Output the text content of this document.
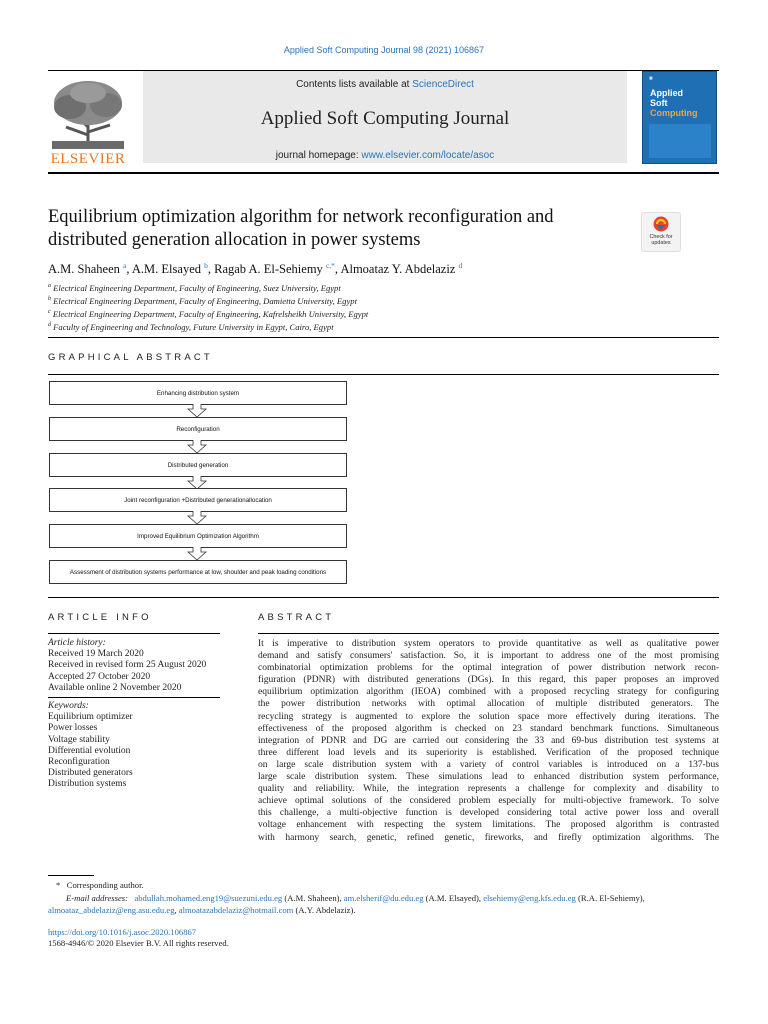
Applied Soft Computing Journal 98 (2021) 106867
ELSEVIER
Contents lists available at ScienceDirect
Applied Soft Computing Journal
journal homepage: www.elsevier.com/locate/asoc
■
Applied
Soft
Computing
Equilibrium optimization algorithm for network reconfiguration and
distributed generation allocation in power systems	Check for
updates
A.M. Shaheen $^a$, A.M. Elsayed $^b$, Ragab A. El-Sehiemy $^{c,*}$, Almoataz Y. Abdelaziz $^d$
$^a$ Electrical Engineering Department, Faculty of Engineering, Suez University, Egypt
$^b$ Electrical Engineering Department, Faculty of Engineering, Damietta University, Egypt
$^c$ Electrical Engineering Department, Faculty of Engineering, Kafrelsheikh University, Egypt
$^d$ Faculty of Engineering and Technology, Future University in Egypt, Cairo, Egypt
GRAPHICAL ABSTRACT
Enhancing distribution system
Reconfiguration
Distributed generation
Joint reconfiguration +Distributed generationallocation
Improved Equilibrium Optimization Algorithm
Assessment of distribution systems performance at low, shoulder and peak loading conditions
ARTICLE INFO
Article history:
Received 19 March 2020
Received in revised form 25 August 2020
Accepted 27 October 2020
Available online 2 November 2020
Keywords:
Equilibrium optimizer
Power losses
Voltage stability
Differential evolution
Reconfiguration
Distributed generators
Distribution systems
ABSTRACT
It is imperative to distribution system operators to provide quantitative as well as qualitative power
demand and satisfy consumers' satisfaction. So, it is important to address one of the most promising
combinatorial optimization problems for the optimal integration of power distribution network recon-
figuration (PDNR) with distributed generations (DGs). In this regard, this paper proposes an improved
equilibrium optimization algorithm (IEOA) combined with a proposed recycling strategy for configuring
the power distribution networks with optimal allocation of multiple distributed generators. The
recycling strategy is augmented to explore the solution space more effectively during iterations. The
effectiveness of the proposed algorithm is checked on 23 standard benchmark functions. Simultaneous
integration of PDNR and DG are carried out considering the 33 and 69-bus distribution test systems at
three different load levels and its superiority is established. Verification of the proposed technique
on large scale distribution system with a variety of control variables is introduced on a 137-bus
large scale distribution system. These simulations lead to enhanced distribution system performance,
quality and reliability. While, the integration represents a challenge for complexity and disability to
achieve optimal solutions of the considered problem especially for multi-objective framework. To solve
this challenge, a multi-objective function is developed considering total active power loss and overall
voltage enhancement with respecting the system limitations. The proposed algorithm is contrasted
with harmony search, genetic, refined genetic, fireworks, and firefly optimization algorithms. The
* Corresponding author.
E-mail addresses: abdullah.mohamed.eng19@suezuni.edu.eg (A.M. Shaheen), am.elsherif@du.edu.eg (A.M. Elsayed), elsehiemy@eng.kfs.edu.eg (R.A. El-Sehiemy),
almoataz_abdelaziz@eng.asu.edu.eg, almoatazabdelaziz@hotmail.com (A.Y. Abdelaziz).
https://doi.org/10.1016/j.asoc.2020.106867
1568-4946/© 2020 Elsevier B.V. All rights reserved.
